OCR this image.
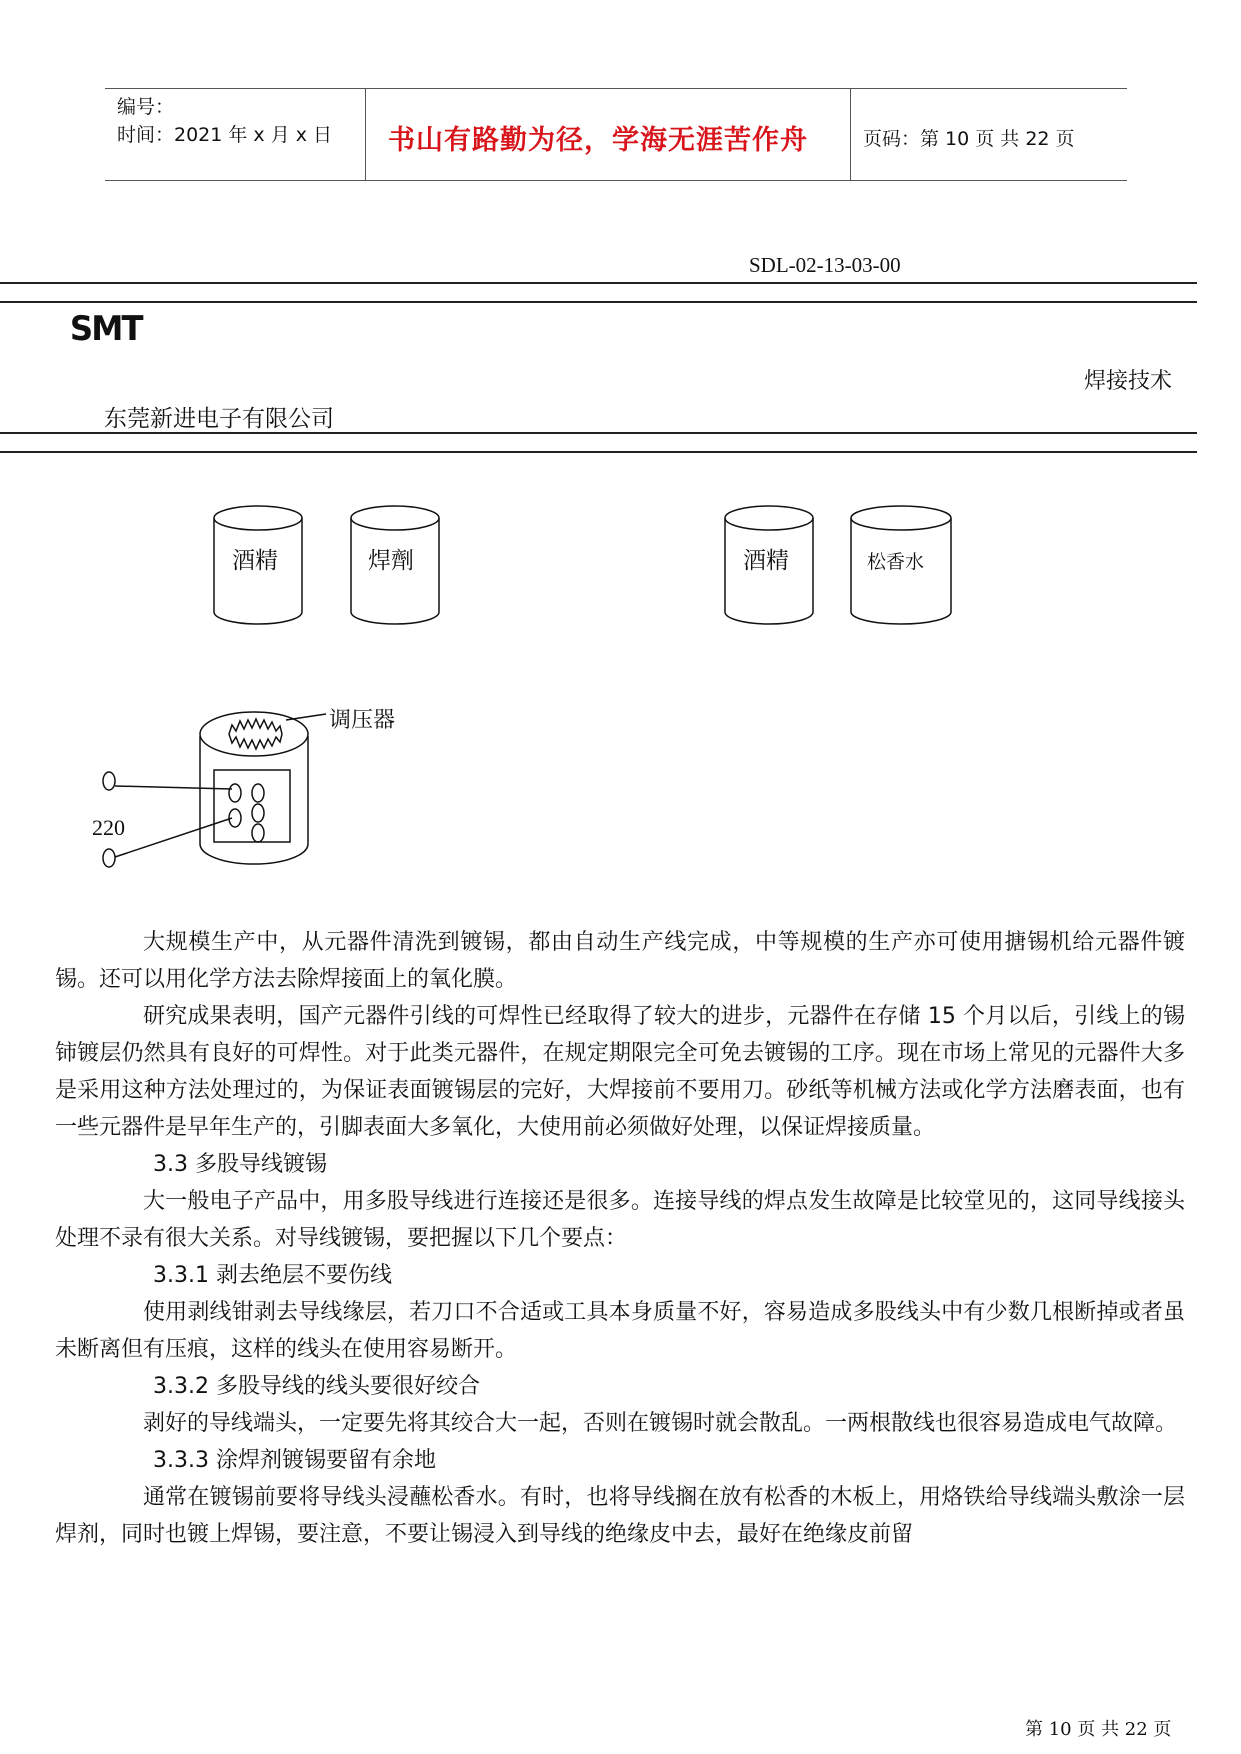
编号：
时间：2021 年 x 月 x 日 书山有路勤为径，学海无涯苦作舟	页码：第 10 页 共 22 页
SDL-02-13-03-00
SMT
焊接技术
东莞新进电子有限公司
酒精	焊劑	酒精	松香水
调压器
220

大规模生产中，从元器件清洗到镀锡，都由自动生产线完成，中等规模的生产亦可使用搪锡机给元器件镀锡。还可以用化学方法去除焊接面上的氧化膜。

研究成果表明，国产元器件引线的可焊性已经取得了较大的进步，元器件在存储 15 个月以后，引线上的锡铈镀层仍然具有良好的可焊性。对于此类元器件，在规定期限完全可免去镀锡的工序。现在市场上常见的元器件大多是采用这种方法处理过的，为保证表面镀锡层的完好，大焊接前不要用刀。砂纸等机械方法或化学方法磨表面，也有一些元器件是早年生产的，引脚表面大多氧化，大使用前必须做好处理，以保证焊接质量。

3.3 多股导线镀锡

大一般电子产品中，用多股导线进行连接还是很多。连接导线的焊点发生故障是比较堂见的，这同导线接头处理不录有很大关系。对导线镀锡，要把握以下几个要点：

3.3.1 剥去绝层不要伤线

使用剥线钳剥去导线缘层，若刀口不合适或工具本身质量不好，容易造成多股线头中有少数几根断掉或者虽未断离但有压痕，这样的线头在使用容易断开。

3.3.2 多股导线的线头要很好绞合

剥好的导线端头，一定要先将其绞合大一起，否则在镀锡时就会散乱。一两根散线也很容易造成电气故障。

3.3.3 涂焊剂镀锡要留有余地

通常在镀锡前要将导线头浸蘸松香水。有时，也将导线搁在放有松香的木板上，用烙铁给导线端头敷涂一层焊剂，同时也镀上焊锡，要注意，不要让锡浸入到导线的绝缘皮中去，最好在绝缘皮前留

第 10 页 共 22 页
